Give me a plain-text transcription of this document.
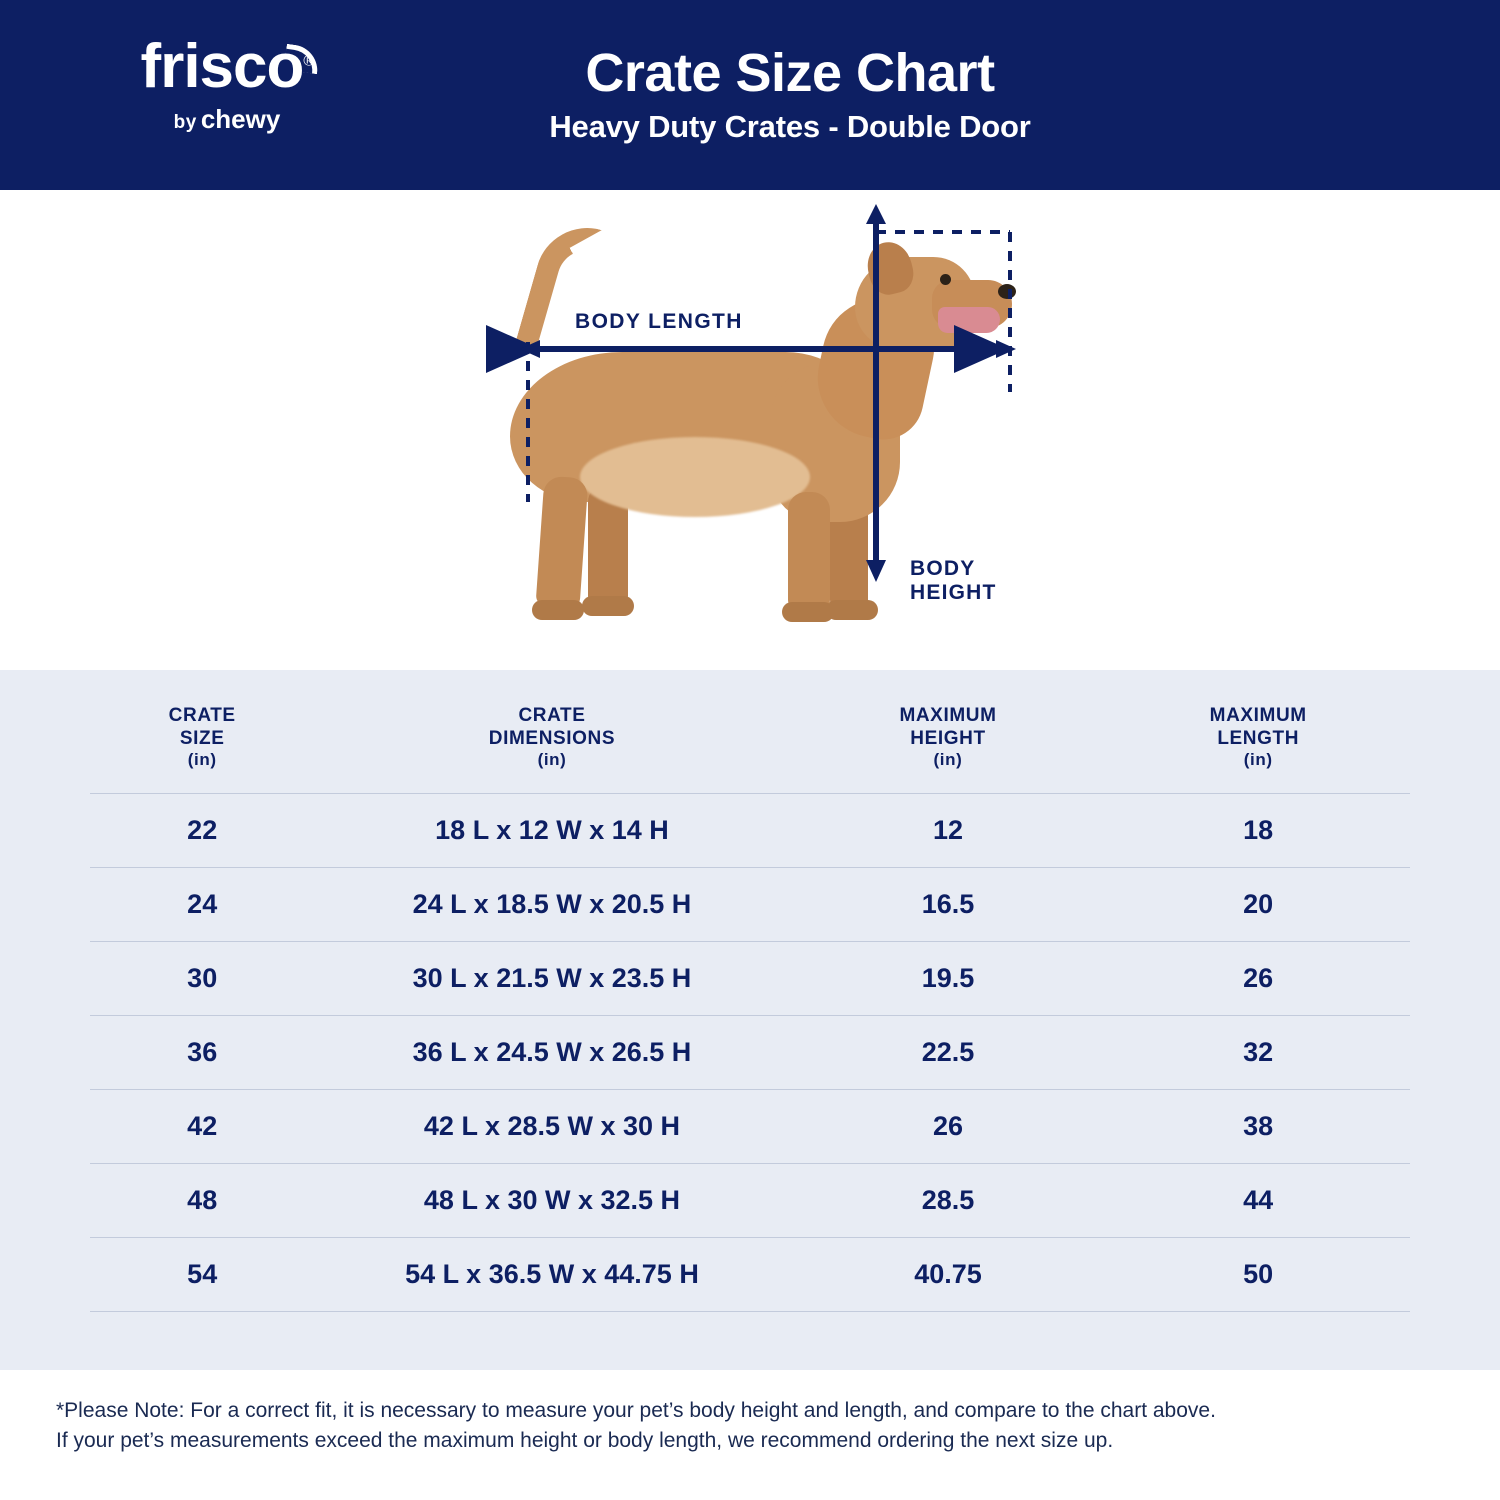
frisco®
by chewy
Crate Size Chart
Heavy Duty Crates - Double Door
BODY LENGTH
BODY
HEIGHT
CRATE
SIZE
(in)	CRATE
DIMENSIONS
(in)	MAXIMUM
HEIGHT
(in)	MAXIMUM
LENGTH
(in)

22	18 L x 12 W x 14 H	12	18
24	24 L x 18.5 W x 20.5 H	16.5	20
30	30 L x 21.5 W x 23.5 H	19.5	26
36	36 L x 24.5 W x 26.5 H	22.5	32
42	42 L x 28.5 W x 30 H	26	38
48	48 L x 30 W x 32.5 H	28.5	44
54	54 L x 36.5 W x 44.75 H	40.75	50
*Please Note: For a correct fit, it is necessary to measure your pet’s body height and length, and compare to the chart above.
If your pet’s measurements exceed the maximum height or body length, we recommend ordering the next size up.
